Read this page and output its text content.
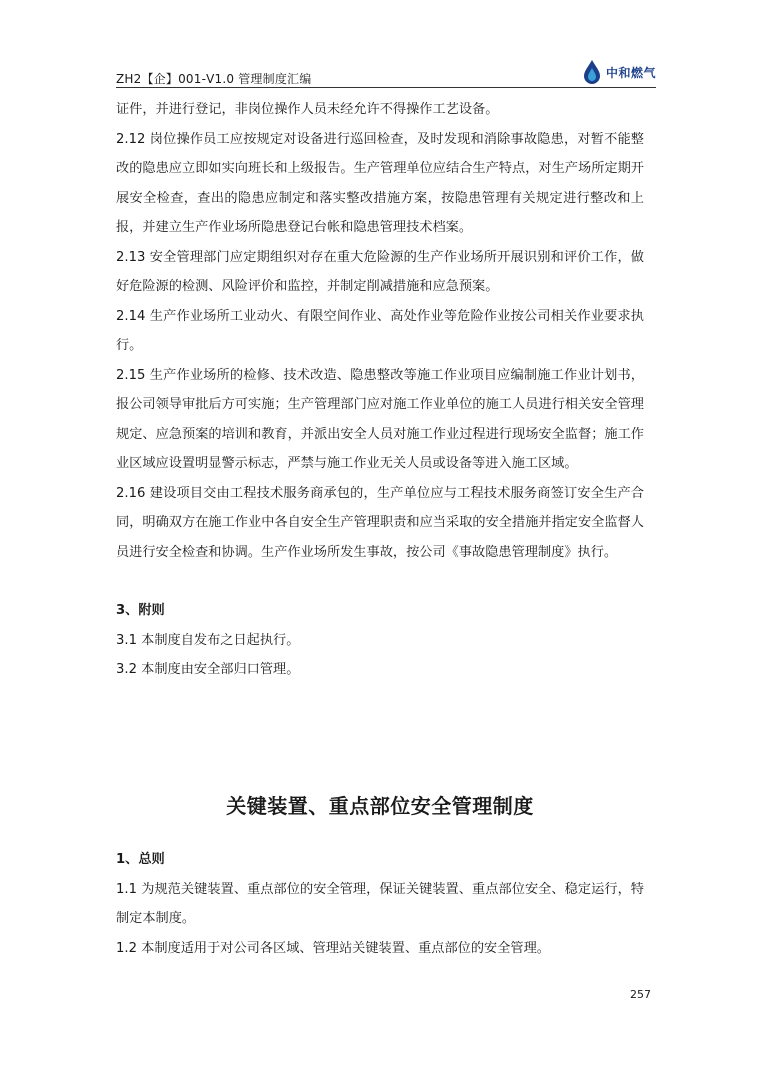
ZH2【企】001-V1.0 管理制度汇编	中和燃气

证件，并进行登记，非岗位操作人员未经允许不得操作工艺设备。

2.12 岗位操作员工应按规定对设备进行巡回检查，及时发现和消除事故隐患，对暂不能整改的隐患应立即如实向班长和上级报告。生产管理单位应结合生产特点，对生产场所定期开展安全检查，查出的隐患应制定和落实整改措施方案，按隐患管理有关规定进行整改和上报，并建立生产作业场所隐患登记台帐和隐患管理技术档案。

2.13 安全管理部门应定期组织对存在重大危险源的生产作业场所开展识别和评价工作，做好危险源的检测、风险评价和监控，并制定削减措施和应急预案。

2.14 生产作业场所工业动火、有限空间作业、高处作业等危险作业按公司相关作业要求执行。

2.15 生产作业场所的检修、技术改造、隐患整改等施工作业项目应编制施工作业计划书，报公司领导审批后方可实施；生产管理部门应对施工作业单位的施工人员进行相关安全管理规定、应急预案的培训和教育，并派出安全人员对施工作业过程进行现场安全监督；施工作业区域应设置明显警示标志，严禁与施工作业无关人员或设备等进入施工区域。

2.16 建设项目交由工程技术服务商承包的，生产单位应与工程技术服务商签订安全生产合同，明确双方在施工作业中各自安全生产管理职责和应当采取的安全措施并指定安全监督人员进行安全检查和协调。生产作业场所发生事故，按公司《事故隐患管理制度》执行。

3、附则

3.1 本制度自发布之日起执行。

3.2 本制度由安全部归口管理。

关键装置、重点部位安全管理制度

1、总则

1.1 为规范关键装置、重点部位的安全管理，保证关键装置、重点部位安全、稳定运行，特制定本制度。

1.2 本制度适用于对公司各区域、管理站关键装置、重点部位的安全管理。

257
